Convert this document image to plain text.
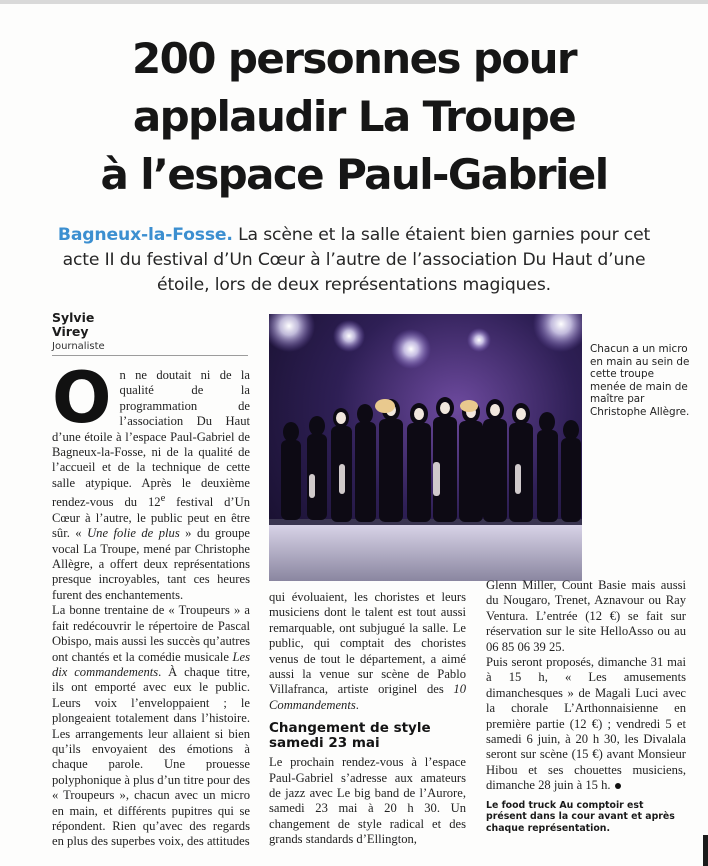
200 personnes pour
applaudir La Troupe
à l’espace Paul-Gabriel

Bagneux-la-Fosse. La scène et la salle étaient bien garnies pour cet acte II du festival d’Un Cœur à l’autre de l’association Du Haut d’une étoile, lors de deux représentations magiques.

Sylvie
Virey
Journaliste

On ne doutait ni de la qualité de la programmation de l’association Du Haut d’une étoile à l’espace Paul-Gabriel de Bagneux-la-Fosse, ni de la qualité de l’accueil et de la technique de cette salle atypique. Après le deuxième rendez-vous du 12e festival d’Un Cœur à l’autre, le public peut en être sûr. « Une folie de plus » du groupe vocal La Troupe, mené par Christophe Allègre, a offert deux représentations presque incroyables, tant ces heures furent des enchantements.

La bonne trentaine de « Troupeurs » a fait redécouvrir le répertoire de Pascal Obispo, mais aussi les succès qu’autres ont chantés et la comédie musicale Les dix commandements. À chaque titre, ils ont emporté avec eux le public. Leurs voix l’enveloppaient ; le plongeaient totalement dans l’histoire. Les arrangements leur allaient si bien qu’ils envoyaient des émotions à chaque parole. Une prouesse polyphonique à plus d’un titre pour des « Troupeurs », chacun avec un micro en main, et différents pupitres qui se répondent. Rien qu’avec des regards en plus des superbes voix, des attitudes

Chacun a un micro en main au sein de cette troupe menée de main de maître par Christophe Allègre.

qui évoluaient, les choristes et leurs musiciens dont le talent est tout aussi remarquable, ont subjugué la salle. Le public, qui comptait des choristes venus de tout le département, a aimé aussi la venue sur scène de Pablo Villafranca, artiste originel des 10 Commandements.

Changement de style samedi 23 mai

Le prochain rendez-vous à l’espace Paul-Gabriel s’adresse aux amateurs de jazz avec Le big band de l’Aurore, samedi 23 mai à 20 h 30. Un changement de style radical et des grands standards d’Ellington,

Glenn Miller, Count Basie mais aussi du Nougaro, Trenet, Aznavour ou Ray Ventura. L’entrée (12 €) se fait sur réservation sur le site HelloAsso ou au 06 85 06 39 25.

Puis seront proposés, dimanche 31 mai à 15 h, « Les amusements dimanchesques » de Magali Luci avec la chorale L’Arthonnaisienne en première partie (12 €) ; vendredi 5 et samedi 6 juin, à 20 h 30, les Divalala seront sur scène (15 €) avant Monsieur Hibou et ses chouettes musiciens, dimanche 28 juin à 15 h.

Le food truck Au comptoir est présent dans la cour avant et après chaque représentation.
